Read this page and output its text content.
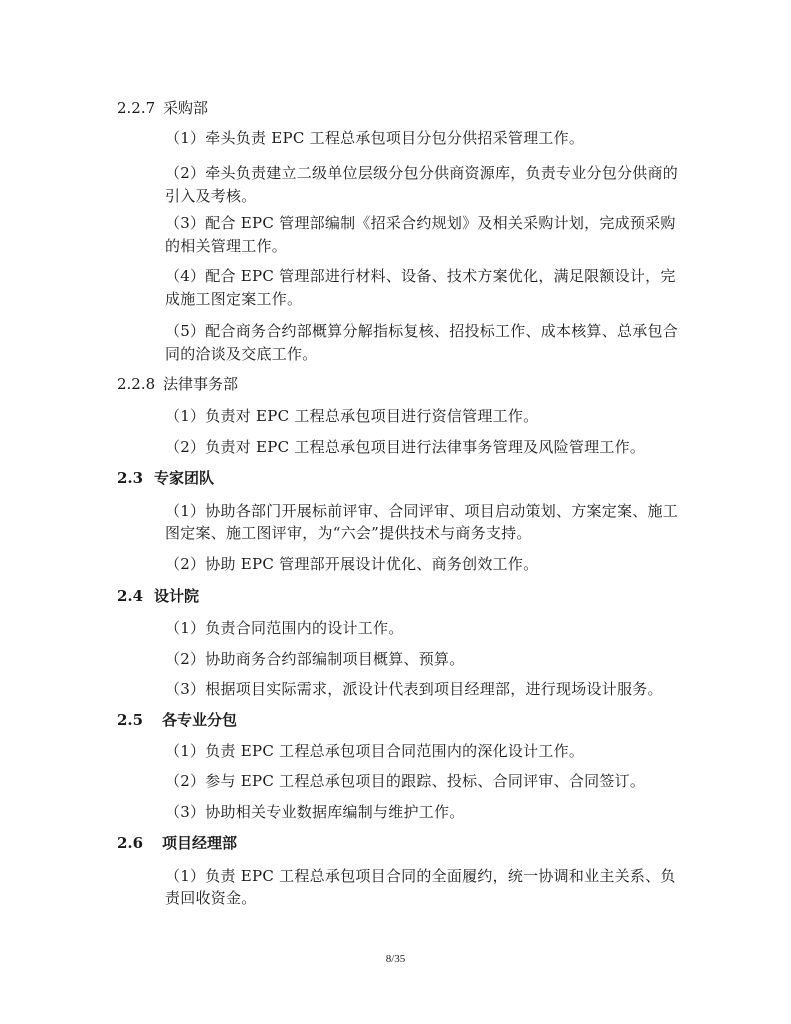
2.2.7 采购部
（1）牵头负责 EPC 工程总承包项目分包分供招采管理工作。
（2）牵头负责建立二级单位层级分包分供商资源库，负责专业分包分供商的
引入及考核。
（3）配合 EPC 管理部编制《招采合约规划》及相关采购计划，完成预采购
的相关管理工作。
（4）配合 EPC 管理部进行材料、设备、技术方案优化，满足限额设计，完
成施工图定案工作。
（5）配合商务合约部概算分解指标复核、招投标工作、成本核算、总承包合
同的洽谈及交底工作。
2.2.8 法律事务部
（1）负责对 EPC 工程总承包项目进行资信管理工作。
（2）负责对 EPC 工程总承包项目进行法律事务管理及风险管理工作。
2.3 专家团队
（1）协助各部门开展标前评审、合同评审、项目启动策划、方案定案、施工
图定案、施工图评审，为“六会”提供技术与商务支持。
（2）协助 EPC 管理部开展设计优化、商务创效工作。
2.4 设计院
（1）负责合同范围内的设计工作。
（2）协助商务合约部编制项目概算、预算。
（3）根据项目实际需求，派设计代表到项目经理部，进行现场设计服务。
2.5 各专业分包
（1）负责 EPC 工程总承包项目合同范围内的深化设计工作。
（2）参与 EPC 工程总承包项目的跟踪、投标、合同评审、合同签订。
（3）协助相关专业数据库编制与维护工作。
2.6 项目经理部
（1）负责 EPC 工程总承包项目合同的全面履约，统一协调和业主关系、负
责回收资金。
8/35
